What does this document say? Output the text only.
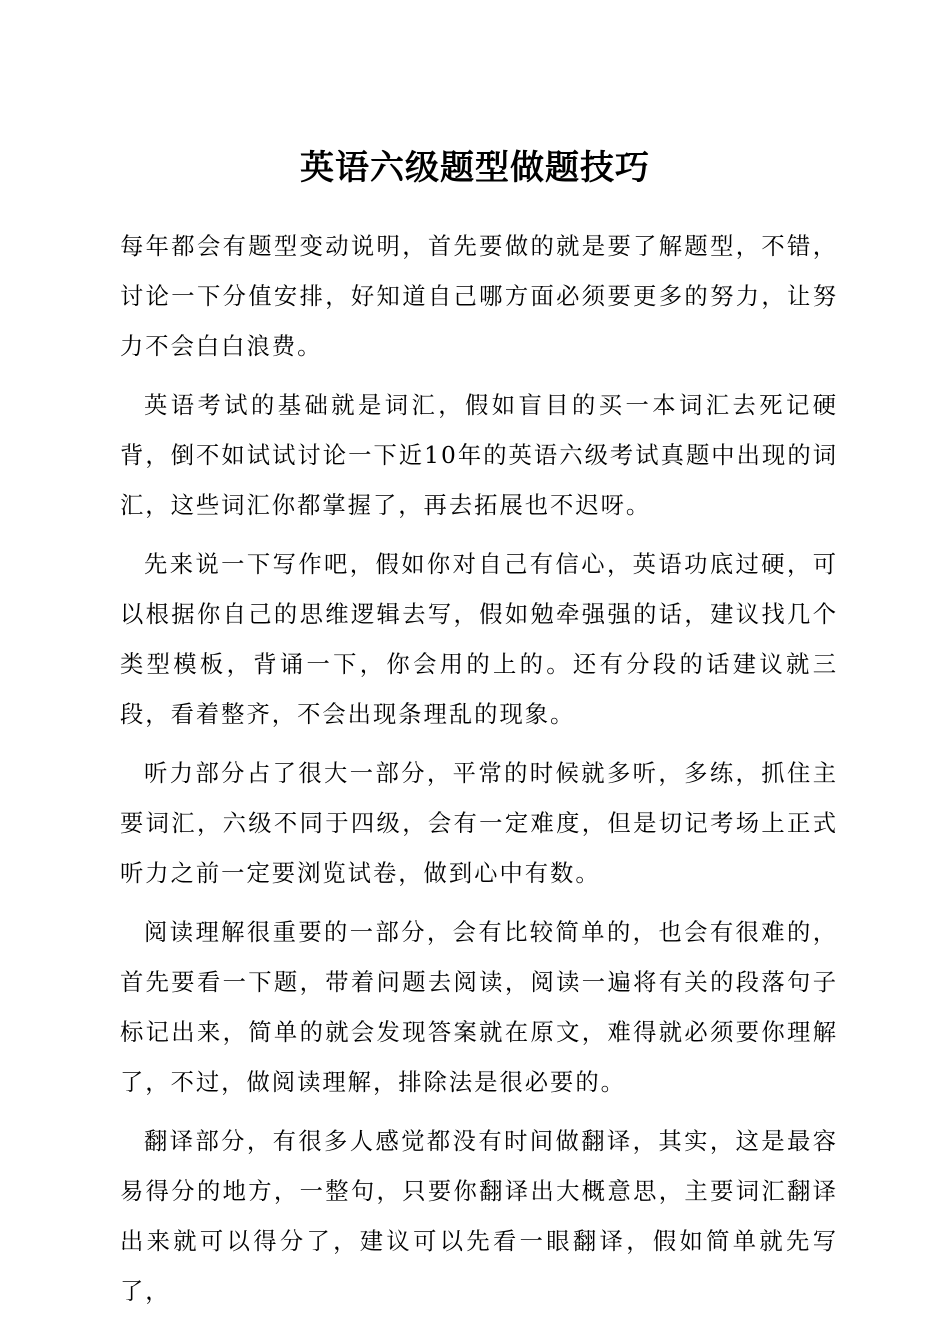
英语六级题型做题技巧

每年都会有题型变动说明，首先要做的就是要了解题型，不错，讨论一下分值安排，好知道自己哪方面必须要更多的努力，让努力不会白白浪费。

英语考试的基础就是词汇，假如盲目的买一本词汇去死记硬背，倒不如试试讨论一下近10年的英语六级考试真题中出现的词汇，这些词汇你都掌握了，再去拓展也不迟呀。

先来说一下写作吧，假如你对自己有信心，英语功底过硬，可以根据你自己的思维逻辑去写，假如勉牵强强的话，建议找几个类型模板，背诵一下，你会用的上的。还有分段的话建议就三段，看着整齐，不会出现条理乱的现象。

听力部分占了很大一部分，平常的时候就多听，多练，抓住主要词汇，六级不同于四级，会有一定难度，但是切记考场上正式听力之前一定要浏览试卷，做到心中有数。

阅读理解很重要的一部分，会有比较简单的，也会有很难的，首先要看一下题，带着问题去阅读，阅读一遍将有关的段落句子标记出来，简单的就会发现答案就在原文，难得就必须要你理解了，不过，做阅读理解，排除法是很必要的。

翻译部分，有很多人感觉都没有时间做翻译，其实，这是最容易得分的地方，一整句，只要你翻译出大概意思，主要词汇翻译出来就可以得分了，建议可以先看一眼翻译，假如简单就先写了，
